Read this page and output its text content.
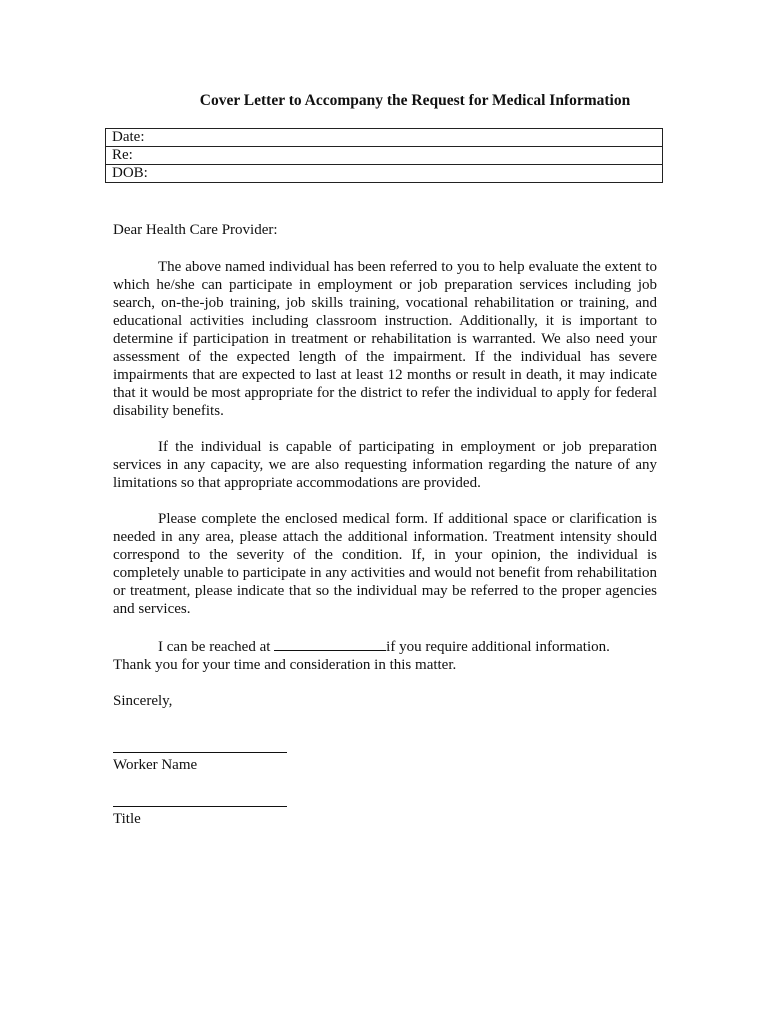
Cover Letter to Accompany the Request for Medical Information
Date:
Re:
DOB:

Dear Health Care Provider:

The above named individual has been referred to you to help evaluate the extent to which he/she can participate in employment or job preparation services including job search, on-the-job training, job skills training, vocational rehabilitation or training, and educational activities including classroom instruction. Additionally, it is important to determine if participation in treatment or rehabilitation is warranted. We also need your assessment of the expected length of the impairment. If the individual has severe impairments that are expected to last at least 12 months or result in death, it may indicate that it would be most appropriate for the district to refer the individual to apply for federal disability benefits.

If the individual is capable of participating in employment or job preparation services in any capacity, we are also requesting information regarding the nature of any limitations so that appropriate accommodations are provided.

Please complete the enclosed medical form. If additional space or clarification is needed in any area, please attach the additional information. Treatment intensity should correspond to the severity of the condition. If, in your opinion, the individual is completely unable to participate in any activities and would not benefit from rehabilitation or treatment, please indicate that so the individual may be referred to the proper agencies and services.

I can be reached at	if you require additional information.

Thank you for your time and consideration in this matter.

Sincerely,

Worker Name
Title
